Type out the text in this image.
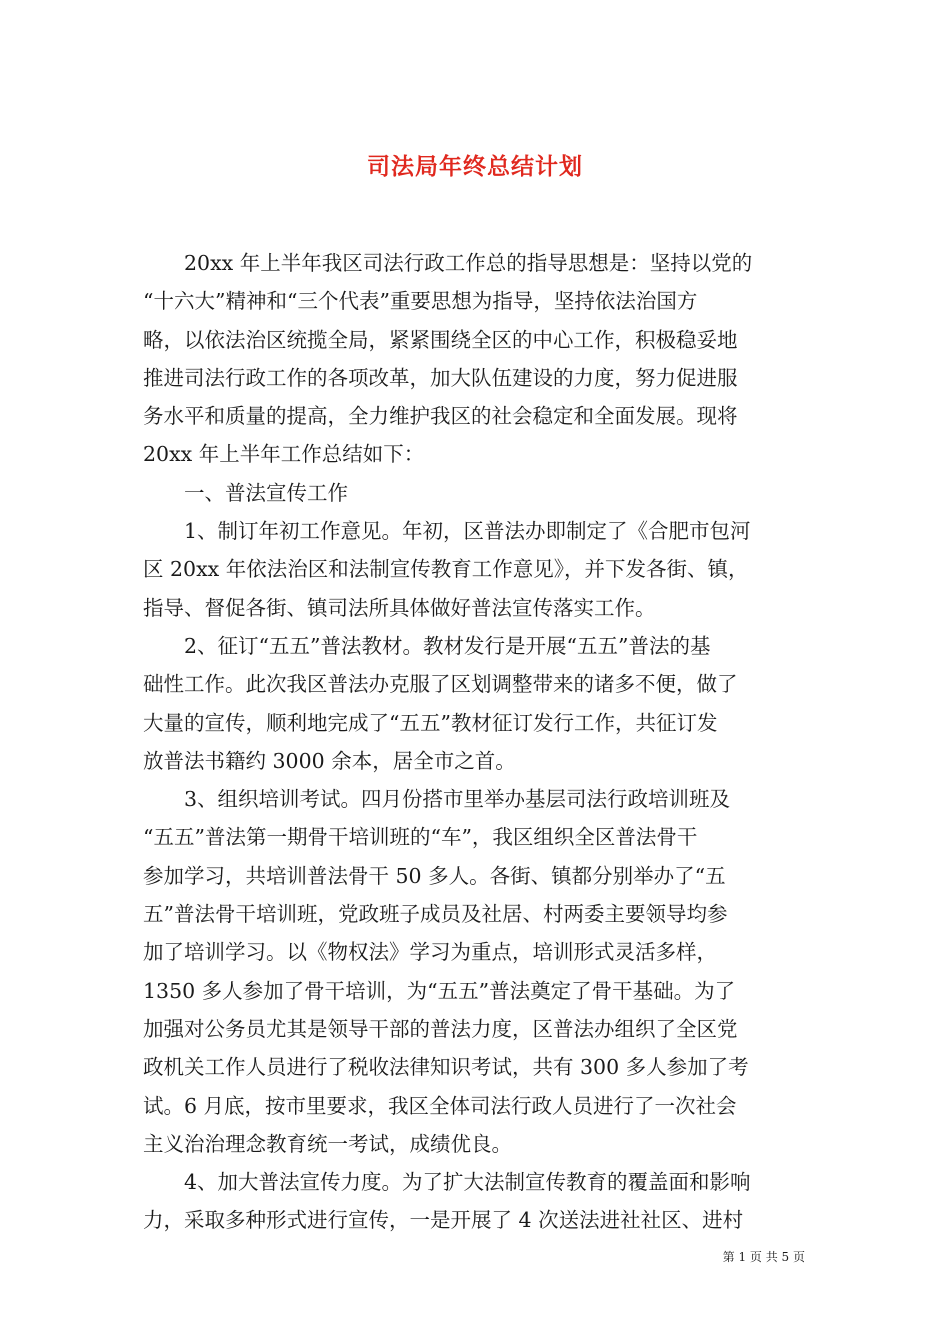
司法局年终总结计划
20xx 年上半年我区司法行政工作总的指导思想是：坚持以党的
“十六大”精神和“三个代表”重要思想为指导，坚持依法治国方
略，以依法治区统揽全局，紧紧围绕全区的中心工作，积极稳妥地
推进司法行政工作的各项改革，加大队伍建设的力度，努力促进服
务水平和质量的提高，全力维护我区的社会稳定和全面发展。现将
20xx 年上半年工作总结如下：
一、普法宣传工作
1、制订年初工作意见。年初，区普法办即制定了《合肥市包河
区 20xx 年依法治区和法制宣传教育工作意见》，并下发各街、镇，
指导、督促各街、镇司法所具体做好普法宣传落实工作。
2、征订“五五”普法教材。教材发行是开展“五五”普法的基
础性工作。此次我区普法办克服了区划调整带来的诸多不便，做了
大量的宣传，顺利地完成了“五五”教材征订发行工作，共征订发
放普法书籍约 3000 余本，居全市之首。
3、组织培训考试。四月份搭市里举办基层司法行政培训班及
“五五”普法第一期骨干培训班的“车”，我区组织全区普法骨干
参加学习，共培训普法骨干 50 多人。各街、镇都分别举办了“五
五”普法骨干培训班，党政班子成员及社居、村两委主要领导均参
加了培训学习。以《物权法》学习为重点，培训形式灵活多样，
1350 多人参加了骨干培训，为“五五”普法奠定了骨干基础。为了
加强对公务员尤其是领导干部的普法力度，区普法办组织了全区党
政机关工作人员进行了税收法律知识考试，共有 300 多人参加了考
试。6 月底，按市里要求，我区全体司法行政人员进行了一次社会
主义治治理念教育统一考试，成绩优良。
4、加大普法宣传力度。为了扩大法制宣传教育的覆盖面和影响
力，采取多种形式进行宣传，一是开展了 4 次送法进社社区、进村
第 1 页 共 5 页
